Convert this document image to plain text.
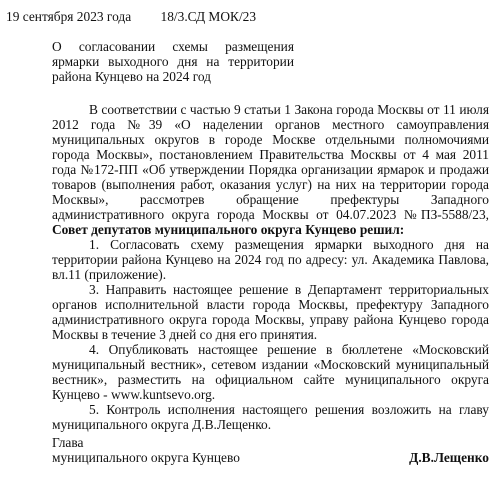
19 сентября 2023 года 18/3.СД МОК/23
О согласовании схемы размещения ярмарки выходного дня на территории района Кунцево на 2024 год

В соответствии с частью 9 статьи 1 Закона города Москвы от 11 июля 2012 года №39 «О наделении органов местного самоуправления муниципальных округов в городе Москве отдельными полномочиями города Москвы», постановлением Правительства Москвы от 4 мая 2011 года №172-ПП «Об утверждении Порядка организации ярмарок и продажи товаров (выполнения работ, оказания услуг) на них на территории города Москвы», рассмотрев обращение префектуры Западного административного округа города Москвы от 04.07.2023 №ПЗ-5588/23, Совет депутатов муниципального округа Кунцево решил:

1. Согласовать схему размещения ярмарки выходного дня на территории района Кунцево на 2024 год по адресу: ул. Академика Павлова, вл.11 (приложение).

3. Направить настоящее решение в Департамент территориальных органов исполнительной власти города Москвы, префектуру Западного административного округа города Москвы, управу района Кунцево города Москвы в течение 3 дней со дня его принятия.

4. Опубликовать настоящее решение в бюллетене «Московский муниципальный вестник», сетевом издании «Московский муниципальный вестник», разместить на официальном сайте муниципального округа Кунцево - www.kuntsevo.org.

5. Контроль исполнения настоящего решения возложить на главу муниципального округа Д.В.Лещенко.

Глава
муниципального округа Кунцево	Д.В.Лещенко
